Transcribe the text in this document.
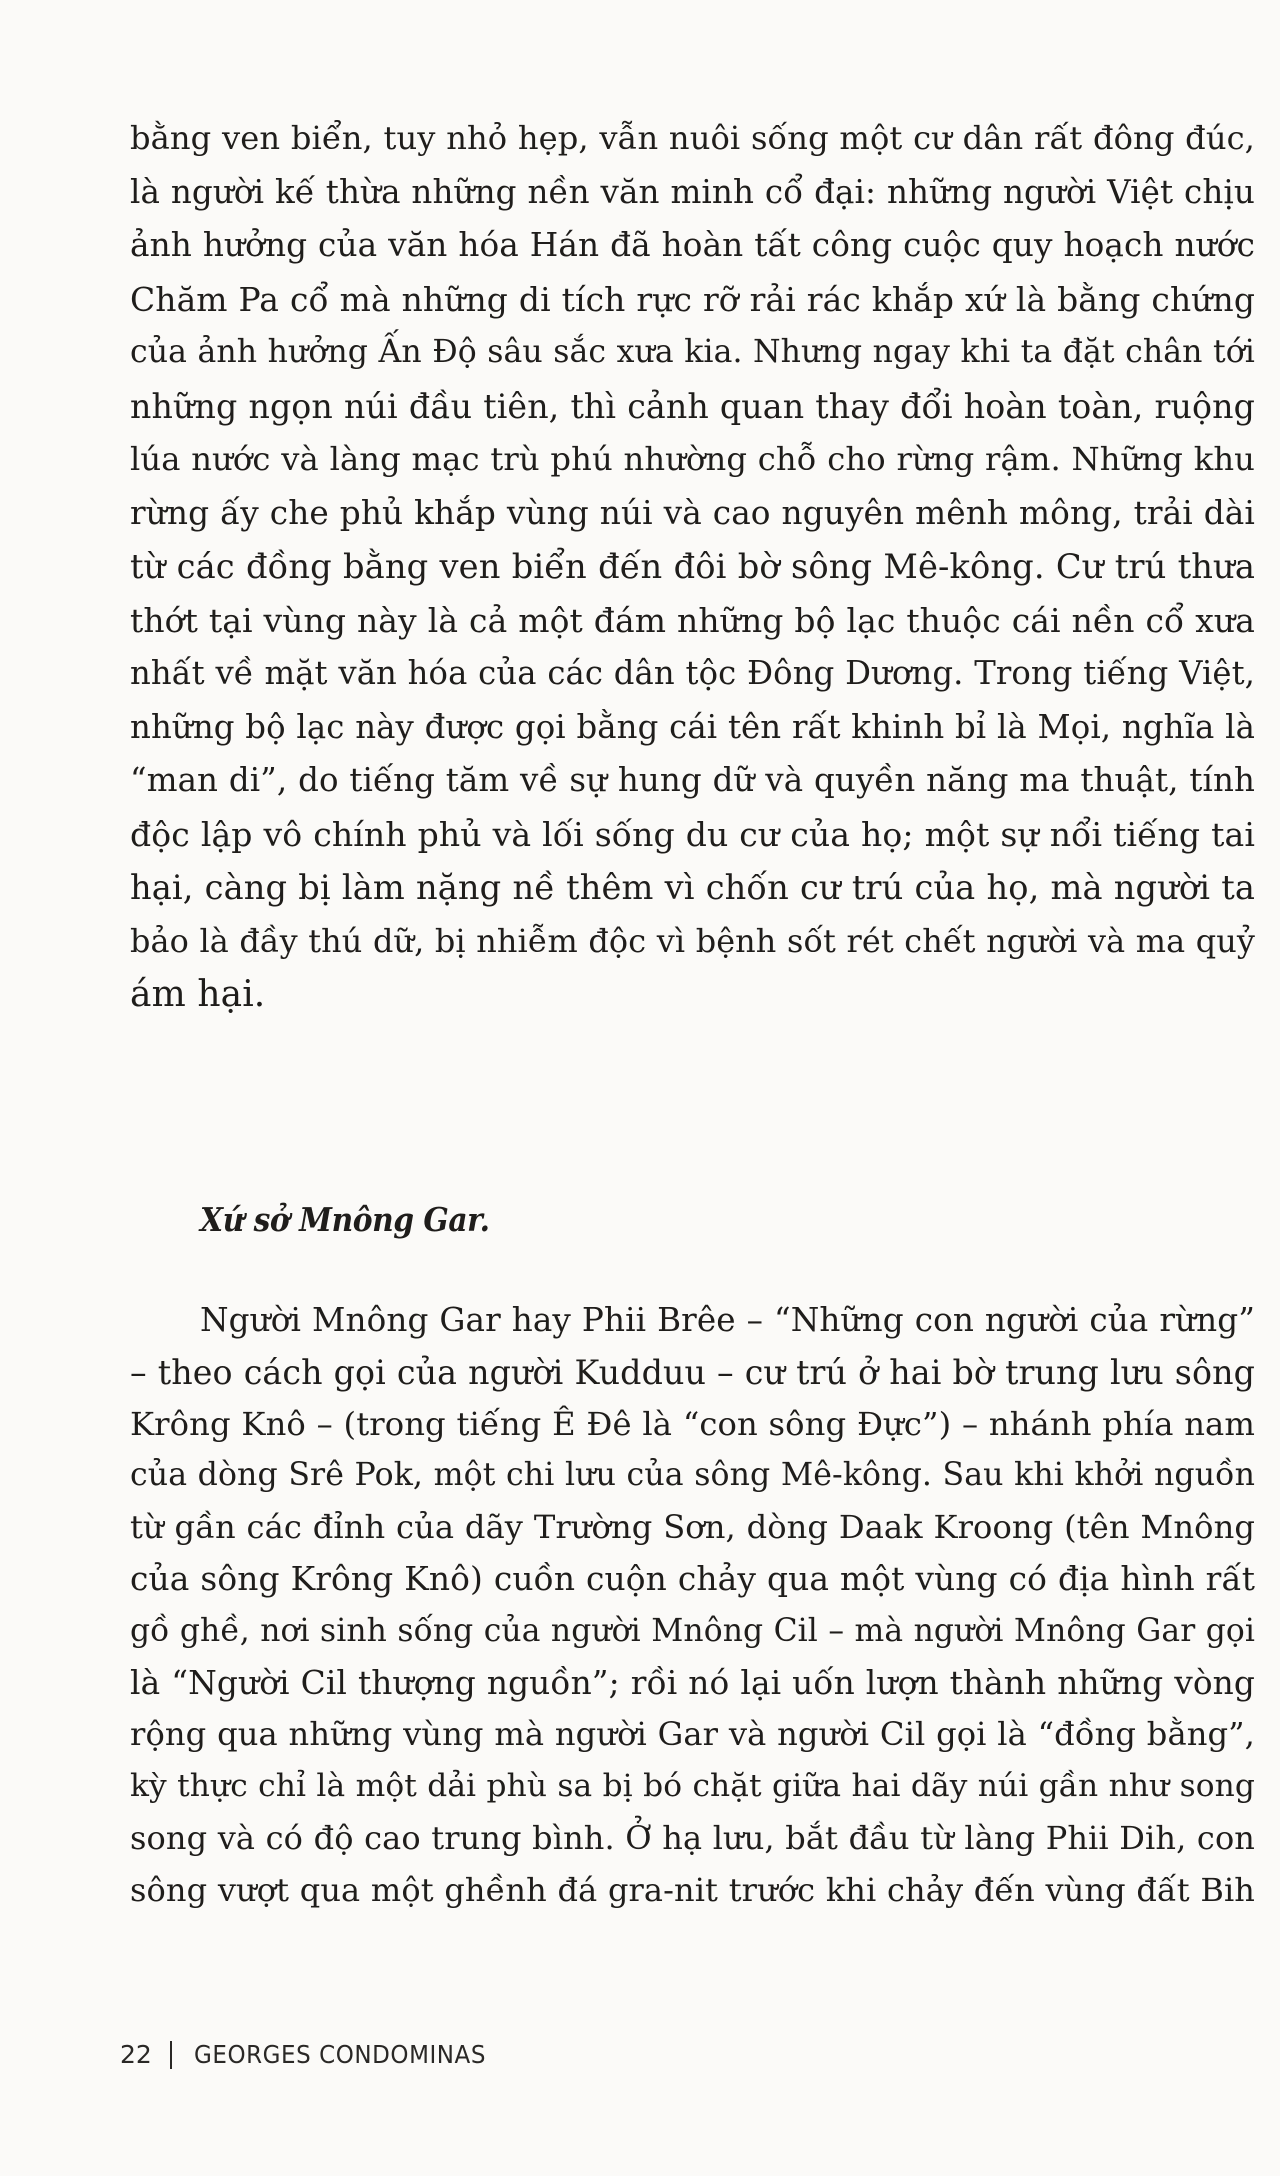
bằng ven biển, tuy nhỏ hẹp, vẫn nuôi sống một cư dân rất đông đúc,
là người kế thừa những nền văn minh cổ đại: những người Việt chịu
ảnh hưởng của văn hóa Hán đã hoàn tất công cuộc quy hoạch nước
Chăm Pa cổ mà những di tích rực rỡ rải rác khắp xứ là bằng chứng
của ảnh hưởng Ấn Độ sâu sắc xưa kia. Nhưng ngay khi ta đặt chân tới
những ngọn núi đầu tiên, thì cảnh quan thay đổi hoàn toàn, ruộng
lúa nước và làng mạc trù phú nhường chỗ cho rừng rậm. Những khu
rừng ấy che phủ khắp vùng núi và cao nguyên mênh mông, trải dài
từ các đồng bằng ven biển đến đôi bờ sông Mê-kông. Cư trú thưa
thớt tại vùng này là cả một đám những bộ lạc thuộc cái nền cổ xưa
nhất về mặt văn hóa của các dân tộc Đông Dương. Trong tiếng Việt,
những bộ lạc này được gọi bằng cái tên rất khinh bỉ là Mọi, nghĩa là
“man di”, do tiếng tăm về sự hung dữ và quyền năng ma thuật, tính
độc lập vô chính phủ và lối sống du cư của họ; một sự nổi tiếng tai
hại, càng bị làm nặng nề thêm vì chốn cư trú của họ, mà người ta
bảo là đầy thú dữ, bị nhiễm độc vì bệnh sốt rét chết người và ma quỷ
ám hại.
Xứ sở Mnông Gar.
Người Mnông Gar hay Phii Brêe – “Những con người của rừng”
– theo cách gọi của người Kudduu – cư trú ở hai bờ trung lưu sông
Krông Knô – (trong tiếng Ê Đê là “con sông Đực”) – nhánh phía nam
của dòng Srê Pok, một chi lưu của sông Mê-kông. Sau khi khởi nguồn
từ gần các đỉnh của dãy Trường Sơn, dòng Daak Kroong (tên Mnông
của sông Krông Knô) cuồn cuộn chảy qua một vùng có địa hình rất
gồ ghề, nơi sinh sống của người Mnông Cil – mà người Mnông Gar gọi
là “Người Cil thượng nguồn”; rồi nó lại uốn lượn thành những vòng
rộng qua những vùng mà người Gar và người Cil gọi là “đồng bằng”,
kỳ thực chỉ là một dải phù sa bị bó chặt giữa hai dãy núi gần như song
song và có độ cao trung bình. Ở hạ lưu, bắt đầu từ làng Phii Dih, con
sông vượt qua một ghềnh đá gra-nit trước khi chảy đến vùng đất Bih
22 GEORGES CONDOMINAS
